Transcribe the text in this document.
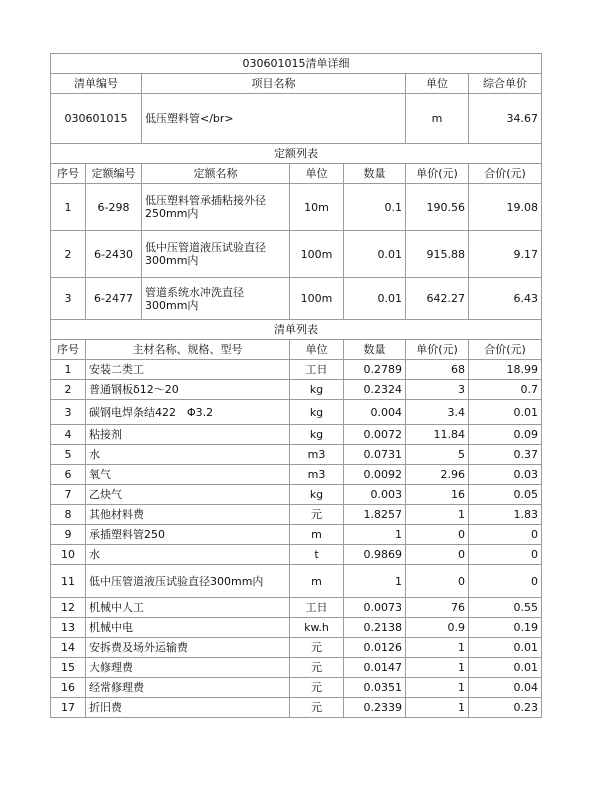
030601015清单详细						
清单编号		项目名称			单位	综合单价
030601015		低压塑料管</br>			m	34.67
定额列表						
序号	定额编号	定额名称	单位	数量	单价(元)	合价(元)
1	6-298	低压塑料管承插粘接外径250mm内	10m	0.1	190.56	19.08
2	6-2430	低中压管道液压试验直径300mm内	100m	0.01	915.88	9.17
3	6-2477	管道系统水冲洗直径300mm内	100m	0.01	642.27	6.43
清单列表						
序号	主材名称、规格、型号		单位	数量	单价(元)	合价(元)
1	安装二类工		工日	0.2789	68	18.99
2	普通钢板δ12～20		kg	0.2324	3	0.7
3	碳钢电焊条结422　Φ3.2		kg	0.004	3.4	0.01
4	粘接剂		kg	0.0072	11.84	0.09
5	水		m3	0.0731	5	0.37
6	氧气		m3	0.0092	2.96	0.03
7	乙炔气		kg	0.003	16	0.05
8	其他材料费		元	1.8257	1	1.83
9	承插塑料管250		m	1	0	0
10	水		t	0.9869	0	0
11	低中压管道液压试验直径300mm内		m	1	0	0
12	机械中人工		工日	0.0073	76	0.55
13	机械中电		kw.h	0.2138	0.9	0.19
14	安拆费及场外运输费		元	0.0126	1	0.01
15	大修理费		元	0.0147	1	0.01
16	经常修理费		元	0.0351	1	0.04
17	折旧费		元	0.2339	1	0.23
